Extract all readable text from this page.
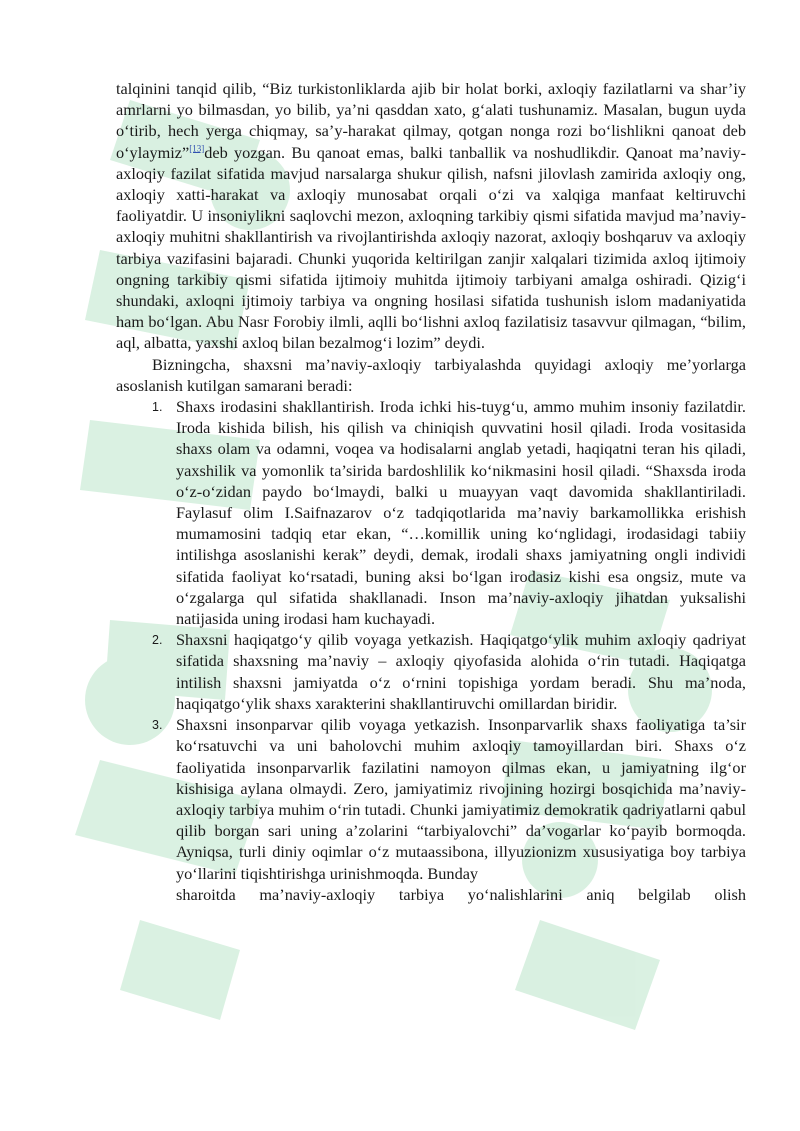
talqinini tanqid qilib, “Biz turkistonliklarda ajib bir holat borki, axloqiy fazilatlarni va shar’iy amrlarni yo bilmasdan, yo bilib, ya’ni qasddan xato, g‘alati tushunamiz. Masalan, bugun uyda o‘tirib, hech yerga chiqmay, sa’y-harakat qilmay, qotgan nonga rozi bo‘lishlikni qanoat deb o‘ylaymiz”[13]deb yozgan. Bu qanoat emas, balki tanballik va noshudlikdir. Qanoat ma’naviy-axloqiy fazilat sifatida mavjud narsalarga shukur qilish, nafsni jilovlash zamirida axloqiy ong, axloqiy xatti-harakat va axloqiy munosabat orqali o‘zi va xalqiga manfaat keltiruvchi faoliyatdir. U insoniylikni saqlovchi mezon, axloqning tarkibiy qismi sifatida mavjud ma’naviy-axloqiy muhitni shakllantirish va rivojlantirishda axloqiy nazorat, axloqiy boshqaruv va axloqiy tarbiya vazifasini bajaradi. Chunki yuqorida keltirilgan zanjir xalqalari tizimida axloq ijtimoiy ongning tarkibiy qismi sifatida ijtimoiy muhitda ijtimoiy tarbiyani amalga oshiradi. Qizig‘i shundaki, axloqni ijtimoiy tarbiya va ongning hosilasi sifatida tushunish islom madaniyatida ham bo‘lgan. Abu Nasr Forobiy ilmli, aqlli bo‘lishni axloq fazilatisiz tasavvur qilmagan, “bilim, aql, albatta, yaxshi axloq bilan bezalmog‘i lozim” deydi.

Bizningcha, shaxsni ma’naviy-axloqiy tarbiyalashda quyidagi axloqiy me’yorlarga asoslanish kutilgan samarani beradi:

1. Shaxs irodasini shakllantirish. Iroda ichki his-tuyg‘u, ammo muhim insoniy fazilatdir. Iroda kishida bilish, his qilish va chiniqish quvvatini hosil qiladi. Iroda vositasida shaxs olam va odamni, voqea va hodisalarni anglab yetadi, haqiqatni teran his qiladi, yaxshilik va yomonlik ta’sirida bardoshlilik ko‘nikmasini hosil qiladi. “Shaxsda iroda o‘z-o‘zidan paydo bo‘lmaydi, balki u muayyan vaqt davomida shakllantiriladi. Faylasuf olim I.Saifnazarov o‘z tadqiqotlarida ma’naviy barkamollikka erishish mumamosini tadqiq etar ekan, “…komillik uning ko‘nglidagi, irodasidagi tabiiy intilishga asoslanishi kerak” deydi, demak, irodali shaxs jamiyatning ongli individi sifatida faoliyat ko‘rsatadi, buning aksi bo‘lgan irodasiz kishi esa ongsiz, mute va o‘zgalarga qul sifatida shakllanadi. Inson ma’naviy-axloqiy jihatdan yuksalishi natijasida uning irodasi ham kuchayadi.
2. Shaxsni haqiqatgo‘y qilib voyaga yetkazish. Haqiqatgo‘ylik muhim axloqiy qadriyat sifatida shaxsning ma’naviy – axloqiy qiyofasida alohida o‘rin tutadi. Haqiqatga intilish shaxsni jamiyatda o‘z o‘rnini topishiga yordam beradi. Shu ma’noda, haqiqatgo‘ylik shaxs xarakterini shakllantiruvchi omillardan biridir.
3. Shaxsni insonparvar qilib voyaga yetkazish. Insonparvarlik shaxs faoliyatiga ta’sir ko‘rsatuvchi va uni baholovchi muhim axloqiy tamoyillardan biri. Shaxs o‘z faoliyatida insonparvarlik fazilatini namoyon qilmas ekan, u jamiyatning ilg‘or kishisiga aylana olmaydi. Zero, jamiyatimiz rivojining hozirgi bosqichida ma’naviy-axloqiy tarbiya muhim o‘rin tutadi. Chunki jamiyatimiz demokratik qadriyatlarni qabul qilib borgan sari uning a’zolarini “tarbiyalovchi” da’vogarlar ko‘payib bormoqda. Ayniqsa, turli diniy oqimlar o‘z mutaassibona, illyuzionizm xususiyatiga boy tarbiya yo‘llarini tiqishtirishga urinishmoqda. Bunday
sharoitda ma’naviy-axloqiy tarbiya yo‘nalishlarini aniq belgilab olish
